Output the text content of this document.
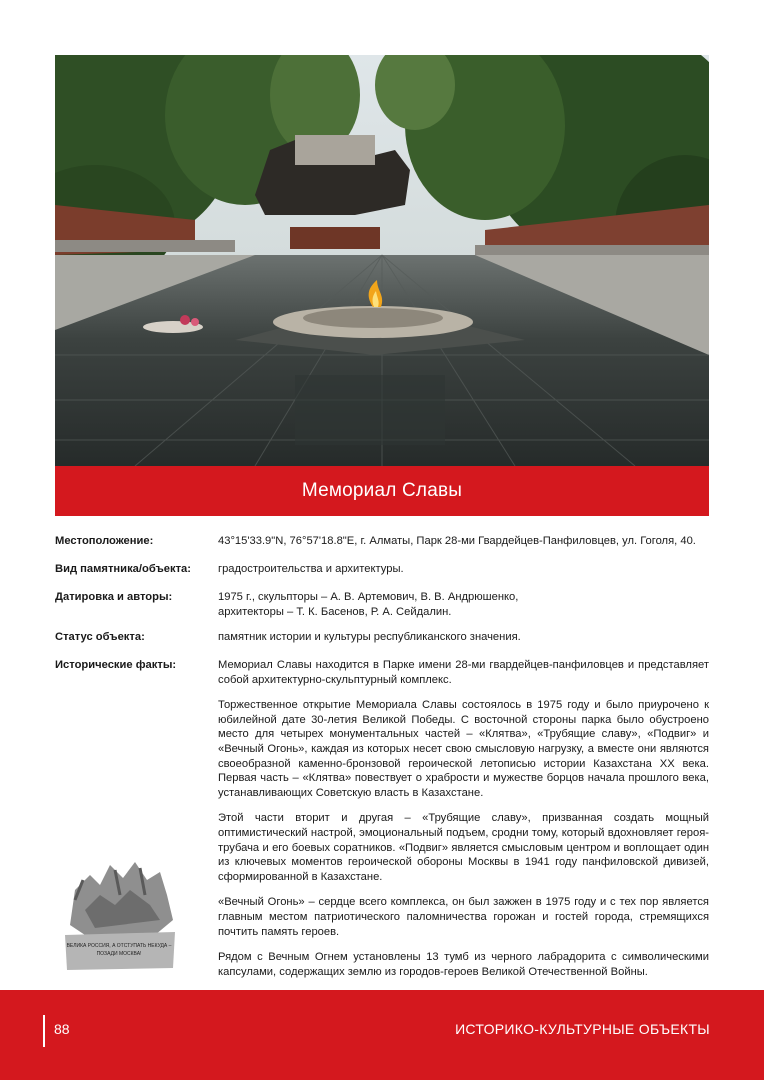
Мемориал Славы
Местоположение:	43°15'33.9"N, 76°57'18.8"E, г. Алматы, Парк 28-ми Гвардейцев-Панфиловцев, ул. Гоголя, 40.
Вид памятника/объекта:	градостроительства и архитектуры.
Датировка и авторы:	1975 г., скульпторы – А. В. Артемович, В. В. Андрюшенко,
архитекторы – Т. К. Басенов, Р. А. Сейдалин.
Статус объекта:	памятник истории и культуры республиканского значения.
Исторические факты:	Мемориал Славы находится в Парке имени 28-ми гвардейцев-панфиловцев и представляет собой архитектурно-скульптурный комплекс.

Торжественное открытие Мемориала Славы состоялось в 1975 году и было приурочено к юбилейной дате 30-летия Великой Победы. С восточной стороны парка было обустроено место для четырех монументальных частей – «Клятва», «Трубящие славу», «Подвиг» и «Вечный Огонь», каждая из которых несет свою смысловую нагрузку, а вместе они являются своеобразной каменно-бронзовой героической летописью истории Казахстана XX века. Первая часть – «Клятва» повествует о храбрости и мужестве борцов начала прошлого века, устанавливающих Советскую власть в Казахстане.

Этой части вторит и другая – «Трубящие славу», призванная создать мощный оптимистический настрой, эмоциональный подъем, сродни тому, который вдохновляет героя-трубача и его боевых соратников. «Подвиг» является смысловым центром и воплощает один из ключевых моментов героической обороны Москвы в 1941 году панфиловской дивизей, сформированной в Казахстане.

«Вечный Огонь» – сердце всего комплекса, он был зажжен в 1975 году и с тех пор является главным местом патриотического паломничества горожан и гостей города, стремящихся почтить память героев.

Рядом с Вечным Огнем установлены 13 тумб из черного лабрадорита с символическими капсулами, содержащих землю из городов-героев Великой Отечественной Войны.

ВЕЛИКА РОССИЯ, А ОТСТУПАТЬ НЕКУДА –
ПОЗАДИ МОСКВА!
88	ИСТОРИКО-КУЛЬТУРНЫЕ ОБЪЕКТЫ
